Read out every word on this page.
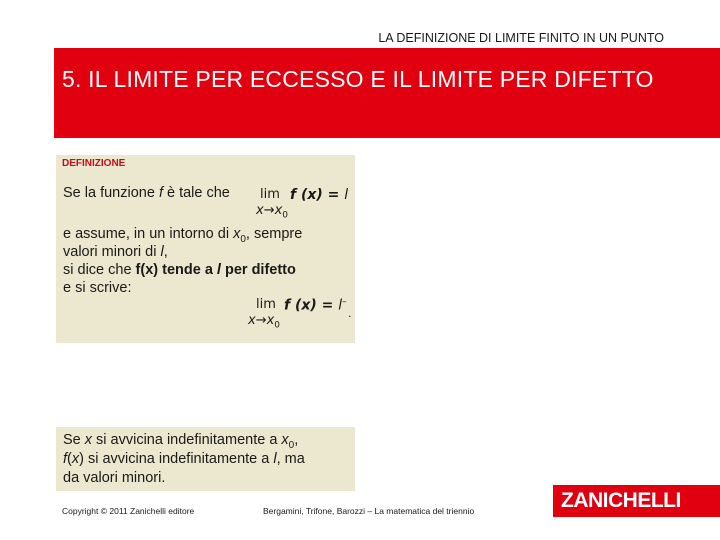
LA DEFINIZIONE DI LIMITE FINITO IN UN PUNTO
5. IL LIMITE PER ECCESSO E IL LIMITE PER DIFETTO
DEFINIZIONE
Se la funzione f è tale che lim f (x) = l
$x\to x_0$
e assume, in un intorno di $x_0$, sempre
valori minori di l,
si dice che f(x) tende a l per difetto
e si scrive:
lim f (x) = l–
$x\to x_0$
.
Se x si avvicina indefinitamente a $x_0$,
f(x) si avvicina indefinitamente a l, ma
da valori minori.
Copyright © 2011 Zanichelli editore	Bergamini, Trifone, Barozzi – La matematica del triennio	ZANICHELLI
